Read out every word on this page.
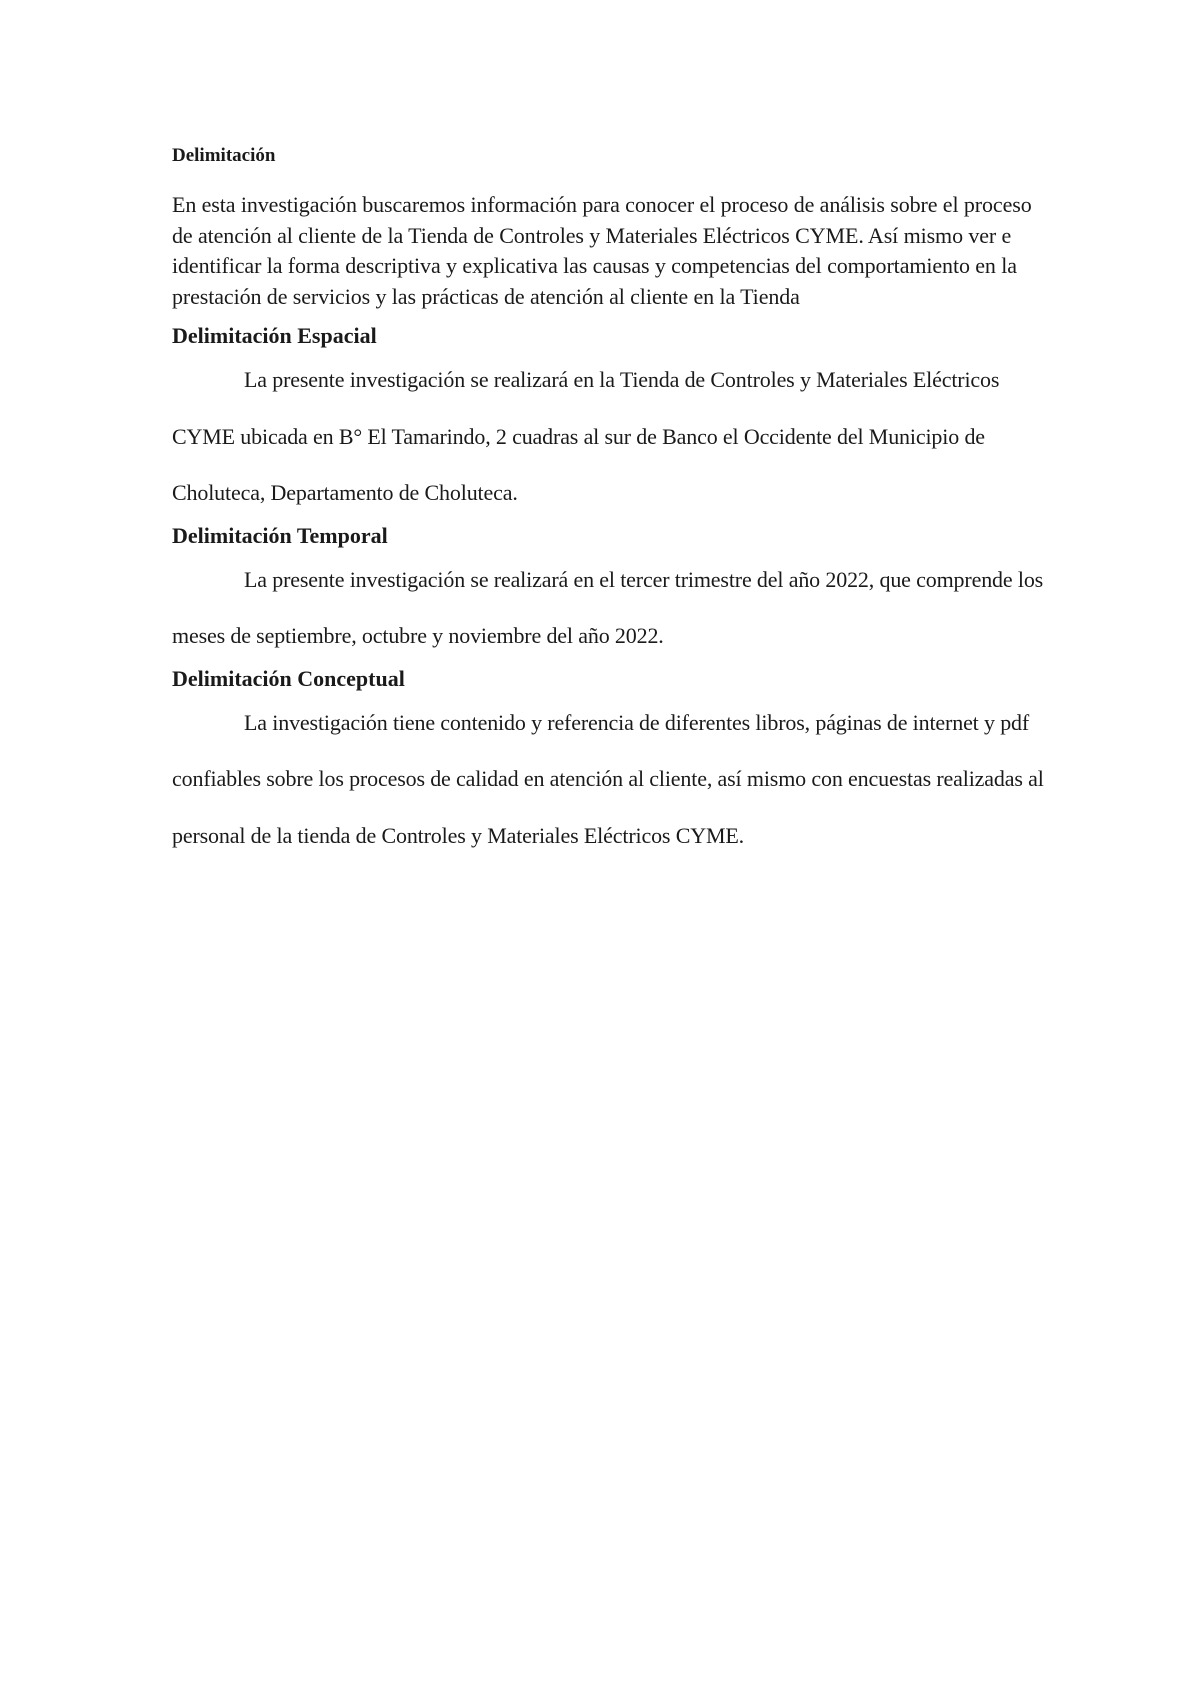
Delimitación

En esta investigación buscaremos información para conocer el proceso de análisis sobre el proceso de atención al cliente de la Tienda de Controles y Materiales Eléctricos CYME. Así mismo ver e identificar la forma descriptiva y explicativa las causas y competencias del comportamiento en la prestación de servicios y las prácticas de atención al cliente en la Tienda

Delimitación Espacial

La presente investigación se realizará en la Tienda de Controles y Materiales Eléctricos CYME ubicada en B° El Tamarindo, 2 cuadras al sur de Banco el Occidente del Municipio de Choluteca, Departamento de Choluteca.

Delimitación Temporal

La presente investigación se realizará en el tercer trimestre del año 2022, que comprende los meses de septiembre, octubre y noviembre del año 2022.

Delimitación Conceptual

La investigación tiene contenido y referencia de diferentes libros, páginas de internet y pdf confiables sobre los procesos de calidad en atención al cliente, así mismo con encuestas realizadas al personal de la tienda de Controles y Materiales Eléctricos CYME.
